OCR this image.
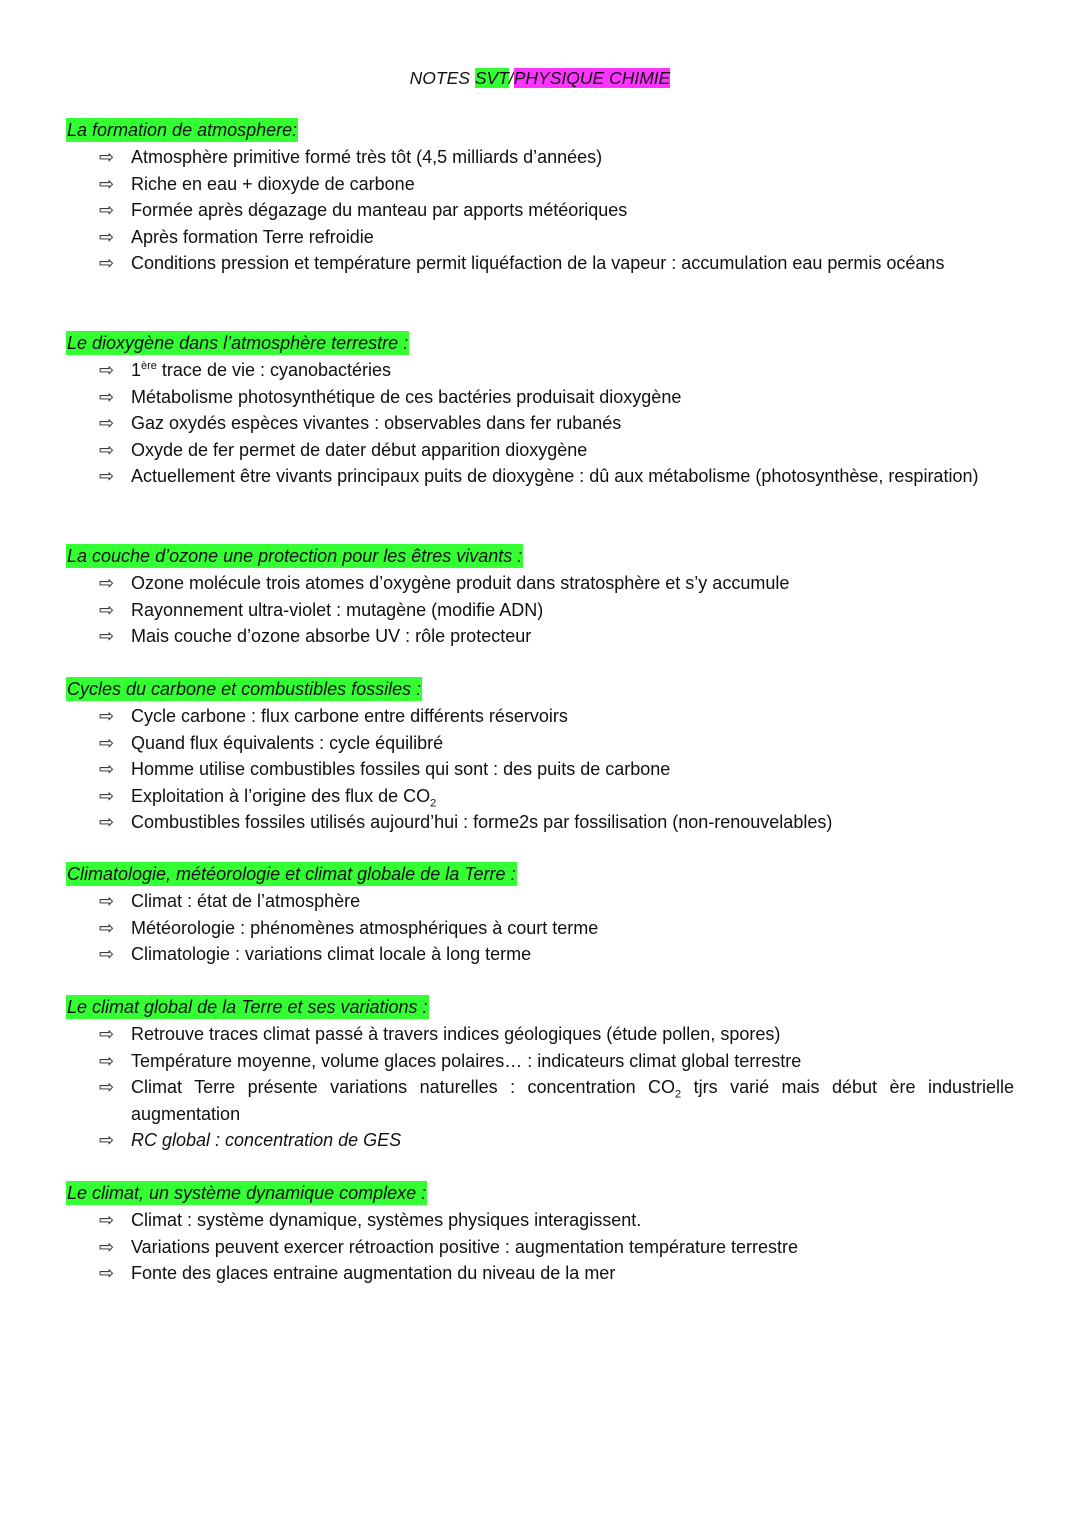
NOTES SVT/PHYSIQUE CHIMIE
La formation de atmosphere:
⇨ Atmosphère primitive formé très tôt (4,5 milliards d’années)
⇨ Riche en eau + dioxyde de carbone
⇨ Formée après dégazage du manteau par apports météoriques
⇨ Après formation Terre refroidie
⇨ Conditions pression et température permit liquéfaction de la vapeur : accumulation eau permis océans
Le dioxygène dans l’atmosphère terrestre :
⇨ 1ère trace de vie : cyanobactéries
⇨ Métabolisme photosynthétique de ces bactéries produisait dioxygène
⇨ Gaz oxydés espèces vivantes : observables dans fer rubanés
⇨ Oxyde de fer permet de dater début apparition dioxygène
⇨ Actuellement être vivants principaux puits de dioxygène : dû aux métabolisme (photosynthèse, respiration)
La couche d’ozone une protection pour les êtres vivants :
⇨ Ozone molécule trois atomes d’oxygène produit dans stratosphère et s’y accumule
⇨ Rayonnement ultra-violet : mutagène (modifie ADN)
⇨ Mais couche d’ozone absorbe UV : rôle protecteur
Cycles du carbone et combustibles fossiles :
⇨ Cycle carbone : flux carbone entre différents réservoirs
⇨ Quand flux équivalents : cycle équilibré
⇨ Homme utilise combustibles fossiles qui sont : des puits de carbone
⇨ Exploitation à l’origine des flux de $CO_2$
⇨ Combustibles fossiles utilisés aujourd’hui : forme2s par fossilisation (non-renouvelables)
Climatologie, météorologie et climat globale de la Terre :
⇨ Climat : état de l’atmosphère
⇨ Météorologie : phénomènes atmosphériques à court terme
⇨ Climatologie : variations climat locale à long terme
Le climat global de la Terre et ses variations :
⇨ Retrouve traces climat passé à travers indices géologiques (étude pollen, spores)
⇨ Température moyenne, volume glaces polaires… : indicateurs climat global terrestre
⇨ Climat Terre présente variations naturelles : concentration $CO_2$ tjrs varié mais début ère industrielle augmentation
⇨ RC global : concentration de GES
Le climat, un système dynamique complexe :
⇨ Climat : système dynamique, systèmes physiques interagissent.
⇨ Variations peuvent exercer rétroaction positive : augmentation température terrestre
⇨ Fonte des glaces entraine augmentation du niveau de la mer
